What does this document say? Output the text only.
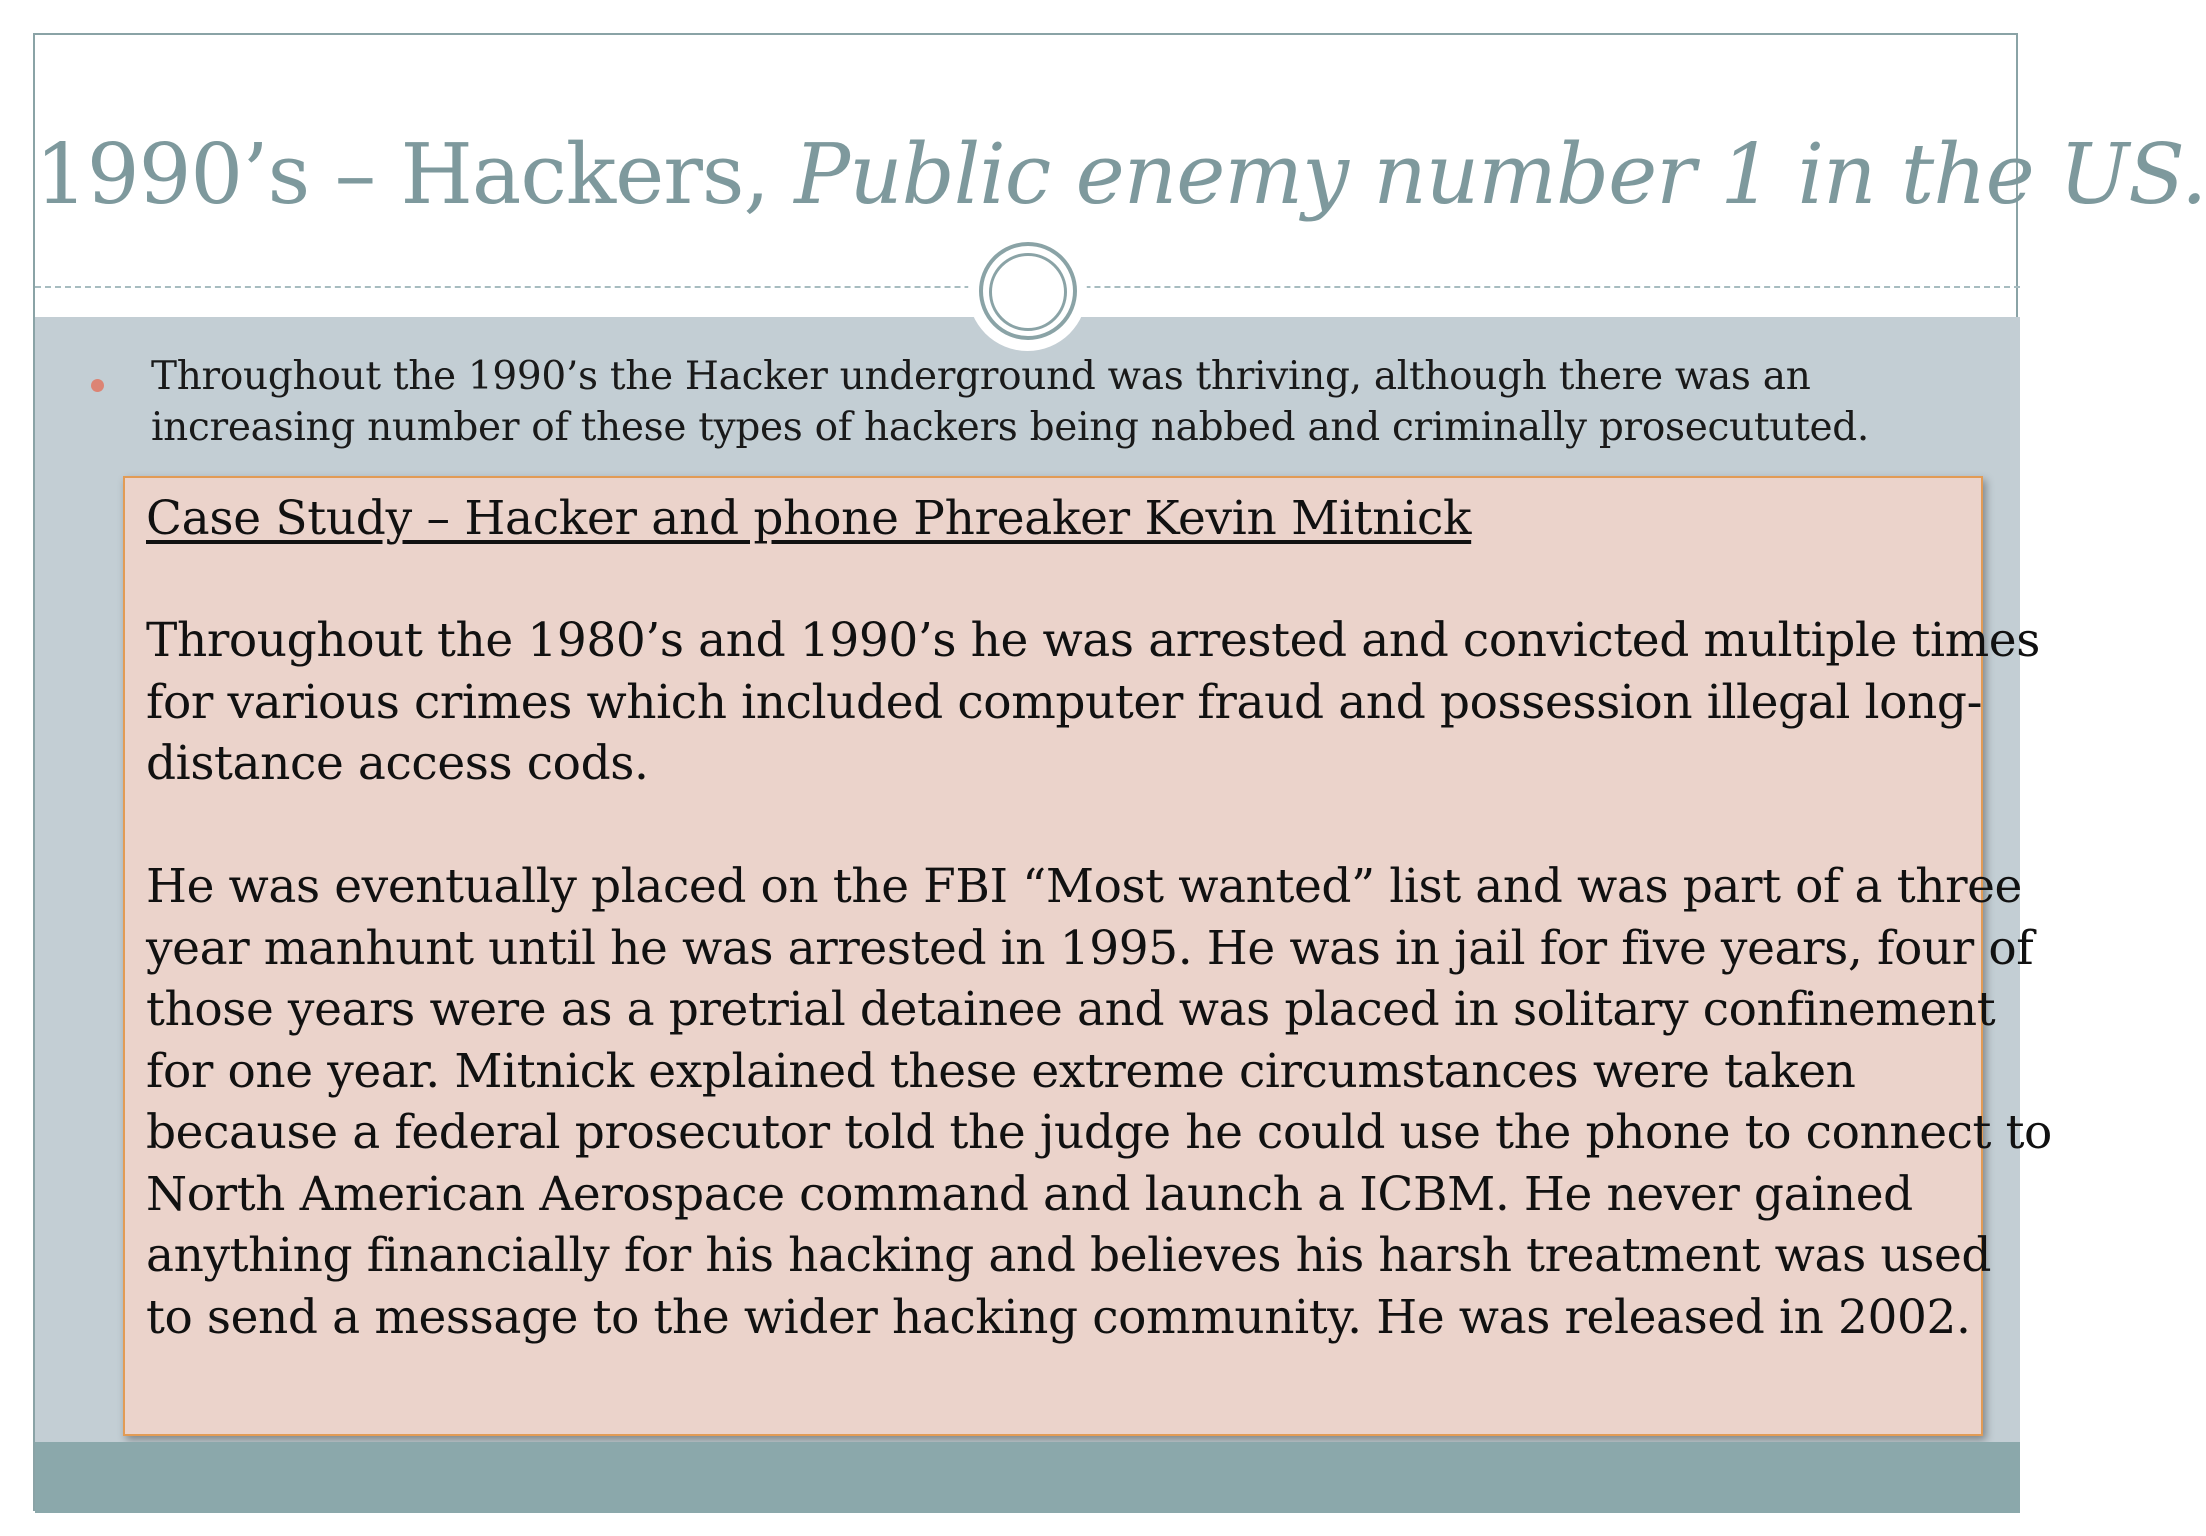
1990’s – Hackers, Public enemy number 1 in the US.
Throughout the 1990’s the Hacker underground was thriving, although there was an
increasing number of these types of hackers being nabbed and criminally prosecututed.
Case Study – Hacker and phone Phreaker Kevin Mitnick
Throughout the 1980’s and 1990’s he was arrested and convicted multiple times
for various crimes which included computer fraud and possession illegal long-
distance access cods.
He was eventually placed on the FBI “Most wanted” list and was part of a three
year manhunt until he was arrested in 1995. He was in jail for five years, four of
those years were as a pretrial detainee and was placed in solitary confinement
for one year. Mitnick explained these extreme circumstances were taken
because a federal prosecutor told the judge he could use the phone to connect to
North American Aerospace command and launch a ICBM. He never gained
anything financially for his hacking and believes his harsh treatment was used
to send a message to the wider hacking community. He was released in 2002.
